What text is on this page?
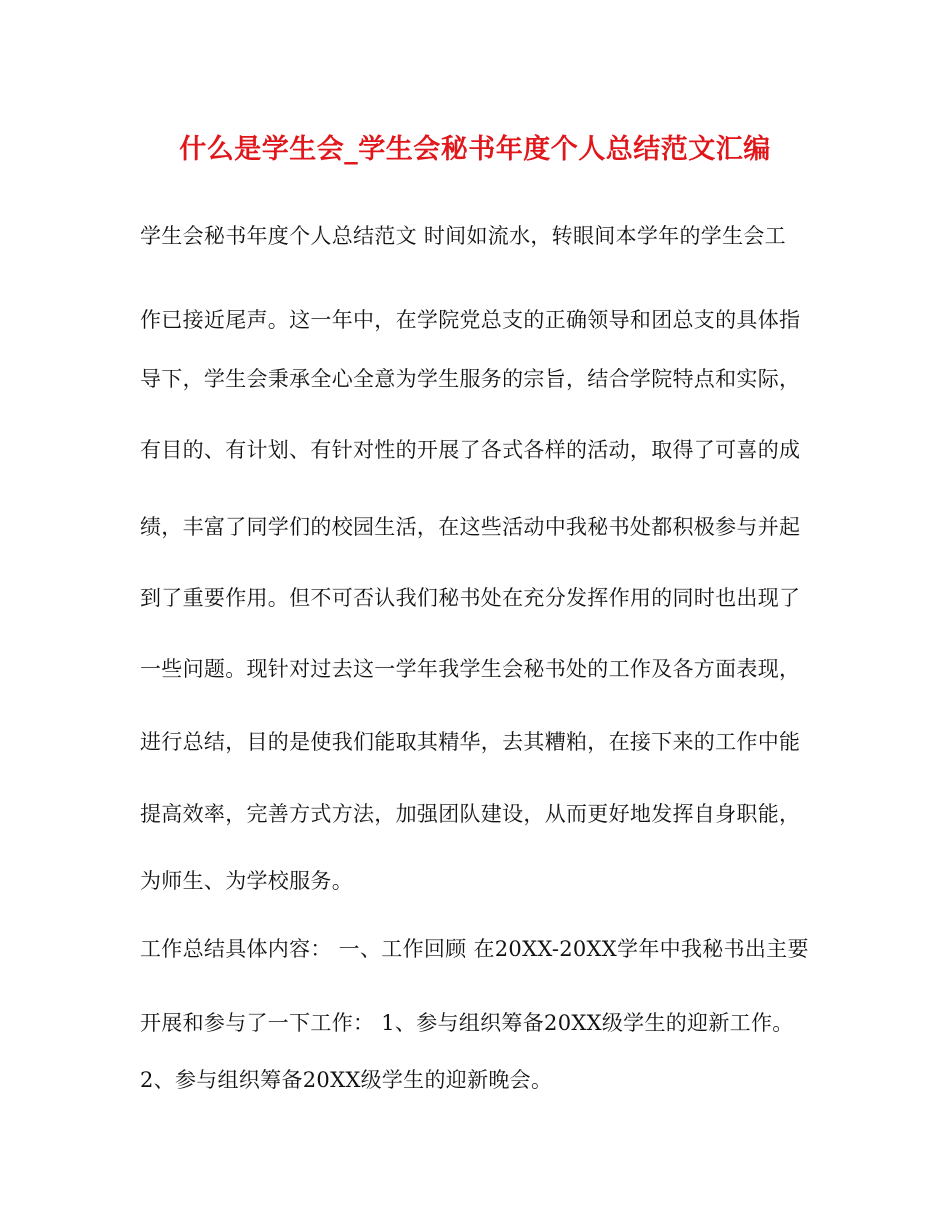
什么是学生会_学生会秘书年度个人总结范文汇编

学生会秘书年度个人总结范文 时间如流水，转眼间本学年的学生会工

作已接近尾声。这一年中，在学院党总支的正确领导和团总支的具体指

导下，学生会秉承全心全意为学生服务的宗旨，结合学院特点和实际，

有目的、有计划、有针对性的开展了各式各样的活动，取得了可喜的成

绩，丰富了同学们的校园生活，在这些活动中我秘书处都积极参与并起

到了重要作用。但不可否认我们秘书处在充分发挥作用的同时也出现了

一些问题。现针对过去这一学年我学生会秘书处的工作及各方面表现，

进行总结，目的是使我们能取其精华，去其糟粕，在接下来的工作中能

提高效率，完善方式方法，加强团队建设，从而更好地发挥自身职能，

为师生、为学校服务。

工作总结具体内容： 一、工作回顾 在20XX-20XX学年中我秘书出主要

开展和参与了一下工作： 1、参与组织筹备20XX级学生的迎新工作。

2、参与组织筹备20XX级学生的迎新晚会。
